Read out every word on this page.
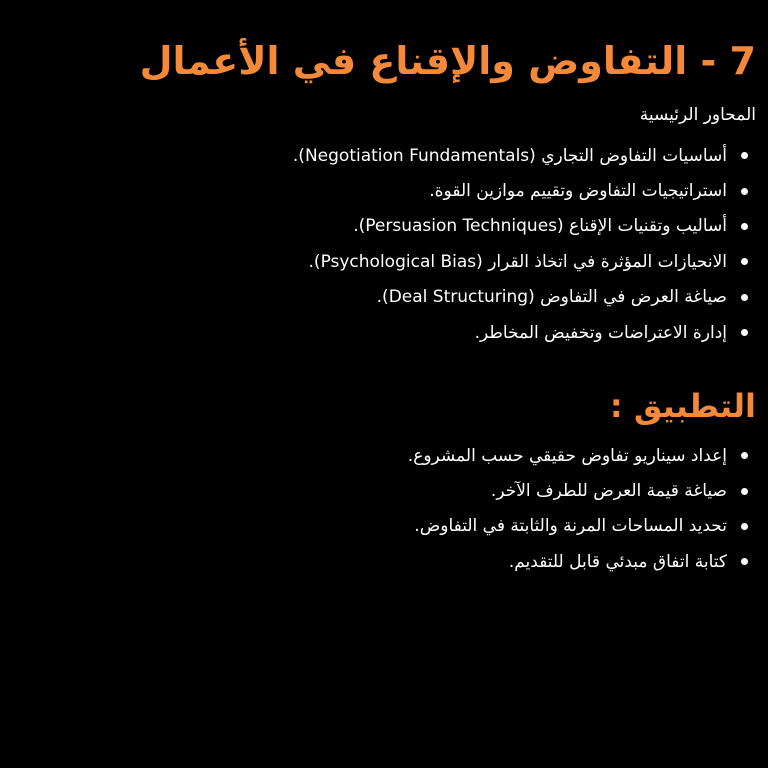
7 - التفاوض والإقناع في الأعمال

المحاور الرئيسية

أساسيات التفاوض التجاري (Negotiation Fundamentals).
استراتيجيات التفاوض وتقييم موازين القوة.
أساليب وتقنيات الإقناع (Persuasion Techniques).
الانحيازات المؤثرة في اتخاذ القرار (Psychological Bias).
صياغة العرض في التفاوض (Deal Structuring).
إدارة الاعتراضات وتخفيض المخاطر.
التطبيق :
إعداد سيناريو تفاوض حقيقي حسب المشروع.
صياغة قيمة العرض للطرف الآخر.
تحديد المساحات المرنة والثابتة في التفاوض.
كتابة اتفاق مبدئي قابل للتقديم.
